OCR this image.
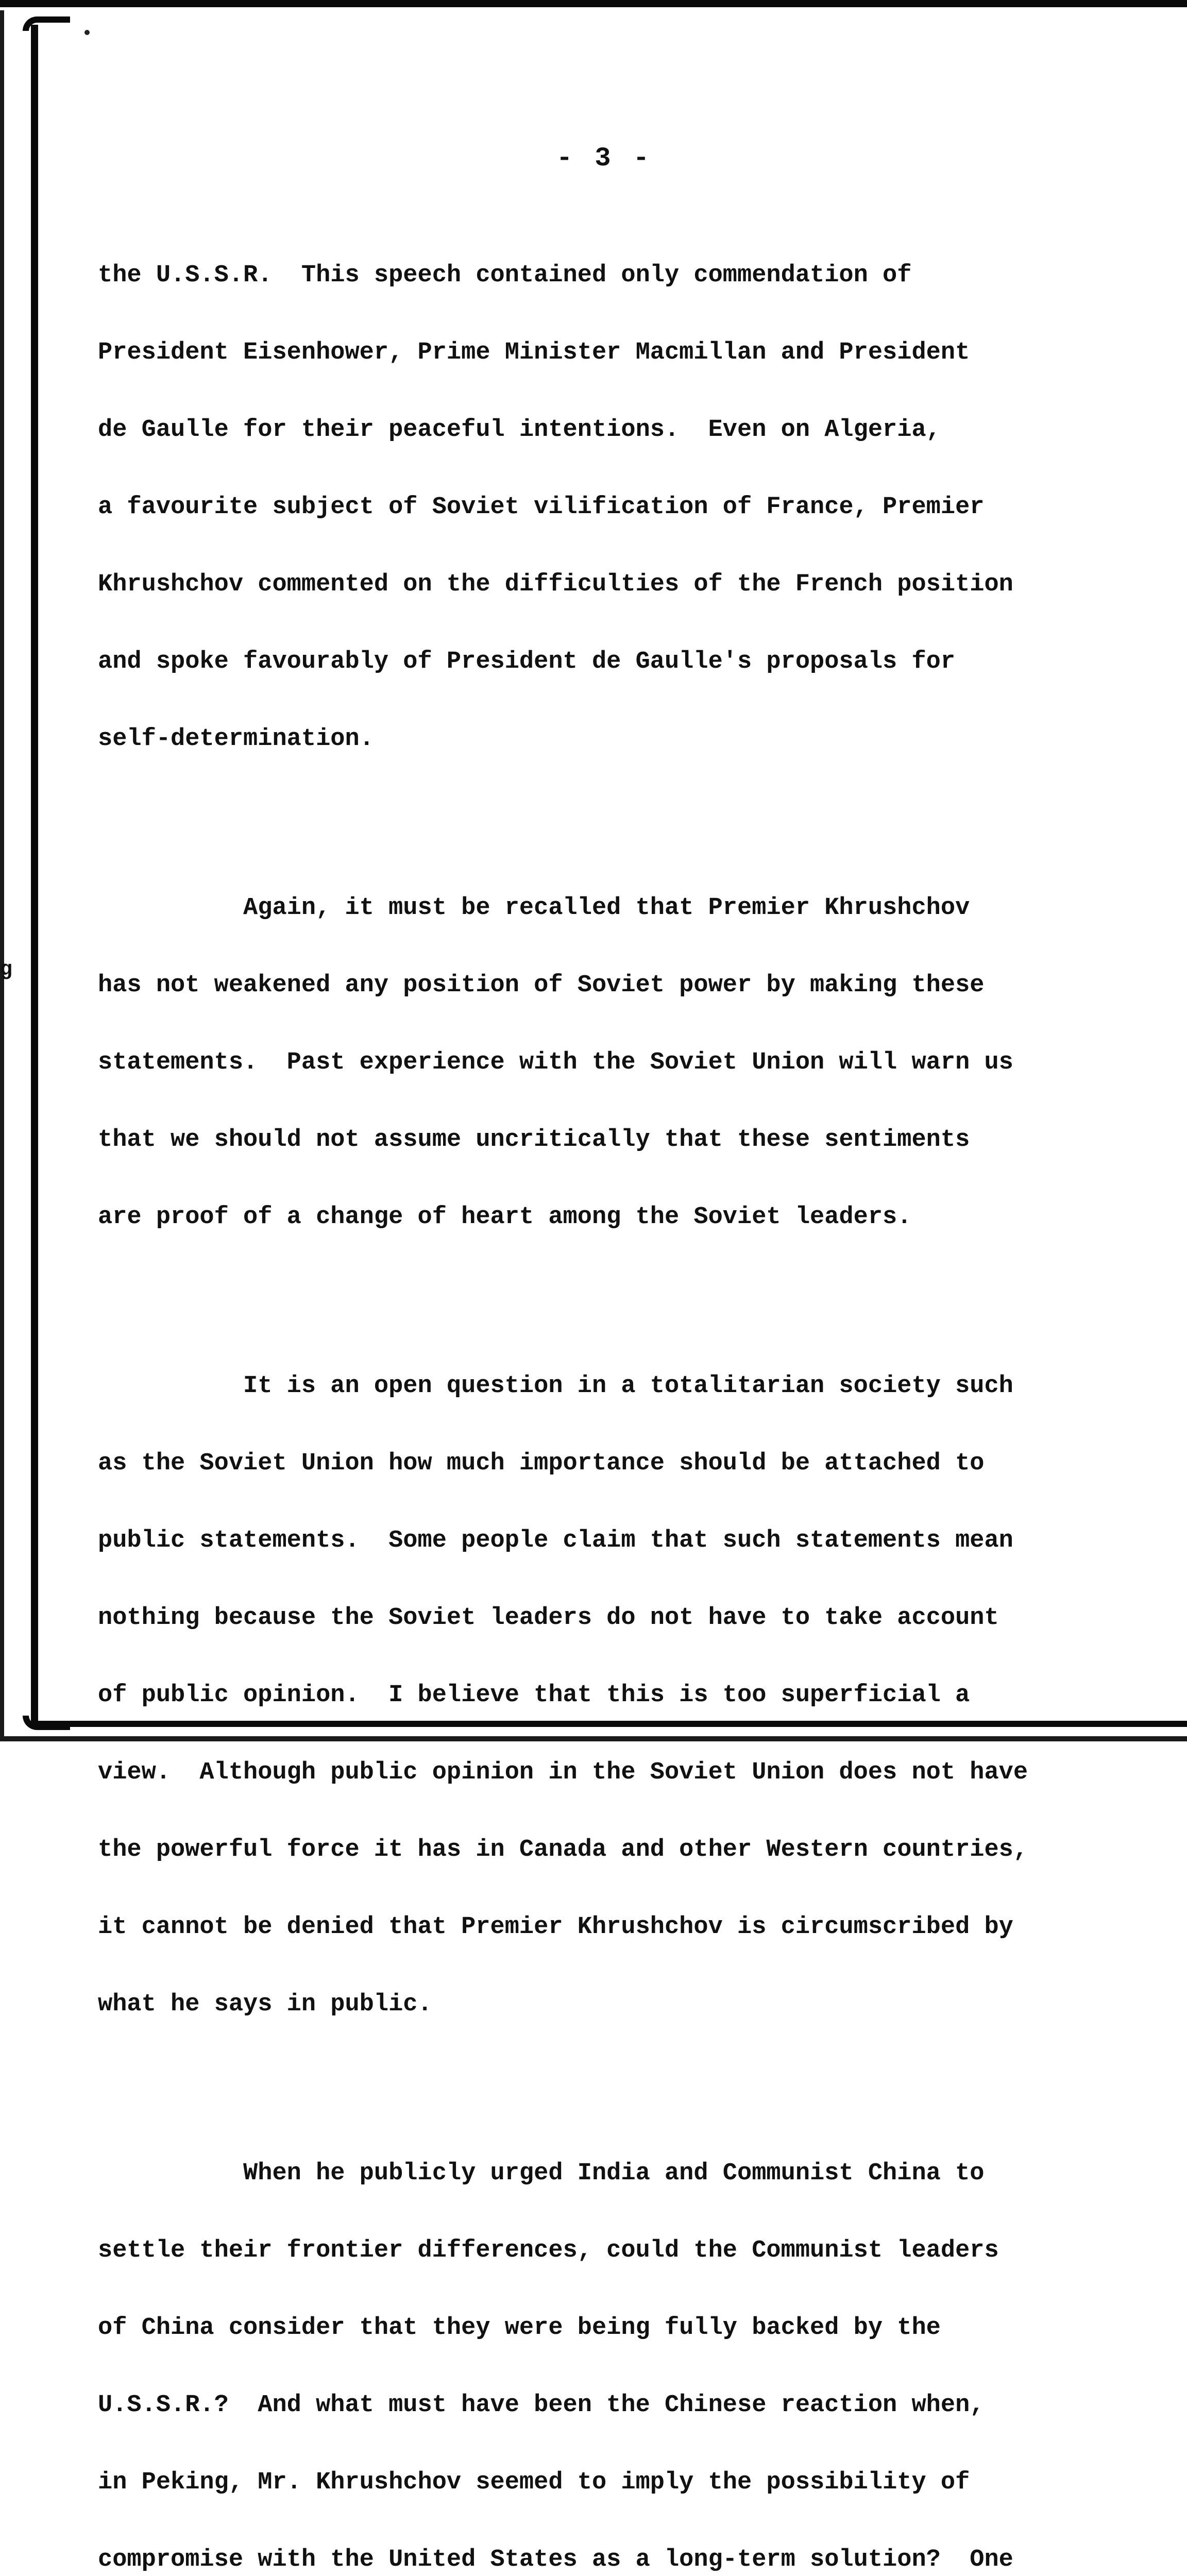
g
- 3 -

the U.S.S.R.  This speech contained only commendation of

President Eisenhower, Prime Minister Macmillan and President

de Gaulle for their peaceful intentions.  Even on Algeria,

a favourite subject of Soviet vilification of France, Premier

Khrushchov commented on the difficulties of the French position

and spoke favourably of President de Gaulle's proposals for

self-determination.

Again, it must be recalled that Premier Khrushchov

has not weakened any position of Soviet power by making these

statements.  Past experience with the Soviet Union will warn us

that we should not assume uncritically that these sentiments

are proof of a change of heart among the Soviet leaders.

It is an open question in a totalitarian society such

as the Soviet Union how much importance should be attached to

public statements.  Some people claim that such statements mean

nothing because the Soviet leaders do not have to take account

of public opinion.  I believe that this is too superficial a

view.  Although public opinion in the Soviet Union does not have

the powerful force it has in Canada and other Western countries,

it cannot be denied that Premier Khrushchov is circumscribed by

what he says in public.

When he publicly urged India and Communist China to

settle their frontier differences, could the Communist leaders

of China consider that they were being fully backed by the

U.S.S.R.?  And what must have been the Chinese reaction when,

in Peking, Mr. Khrushchov seemed to imply the possibility of

compromise with the United States as a long-term solution?  One
